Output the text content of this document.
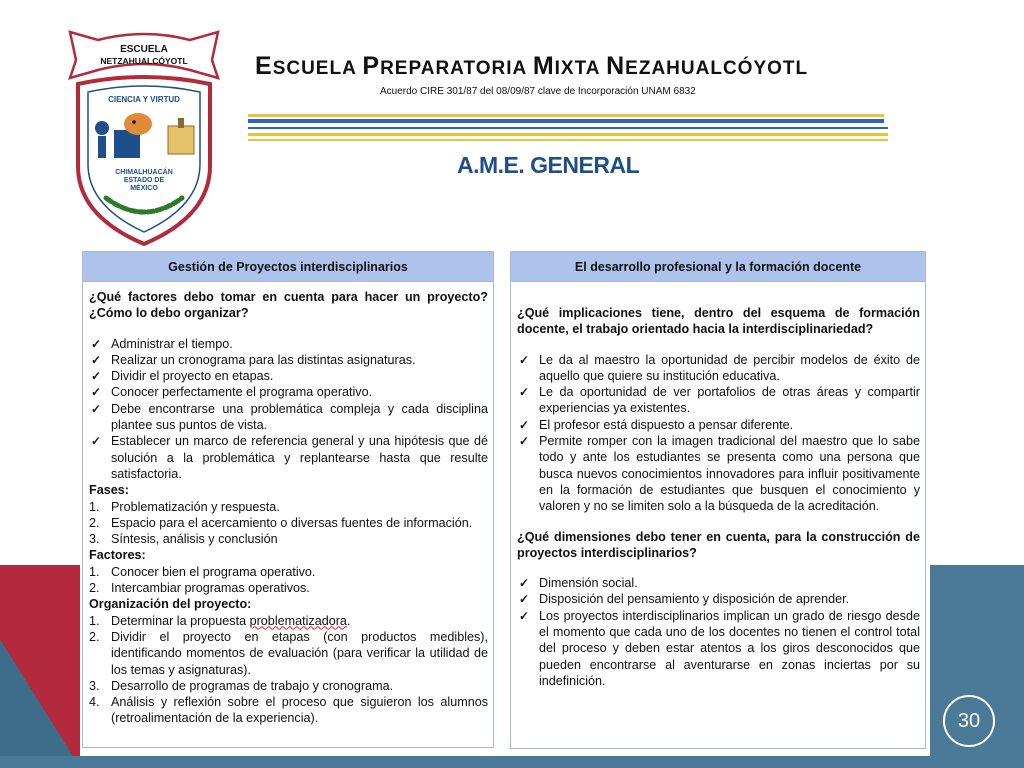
ESCUELA
NETZAHUALCÓYOTL
CIENCIA Y VIRTUD
CHIMALHUACÁN
ESTADO DE
MÉXICO
ESCUELA PREPARATORIA MIXTA NEZAHUALCÓYOTL
Acuerdo CIRE 301/87 del 08/09/87 clave de Incorporación UNAM 6832
A.M.E. GENERAL
Gestión de Proyectos interdisciplinarios
¿Qué factores debo tomar en cuenta para hacer un proyecto? ¿Cómo lo debo organizar?
✓ Administrar el tiempo.
✓ Realizar un cronograma para las distintas asignaturas.
✓ Dividir el proyecto en etapas.
✓ Conocer perfectamente el programa operativo.
✓ Debe encontrarse una problemática compleja y cada disciplina plantee sus puntos de vista.
✓ Establecer un marco de referencia general y una hipótesis que dé solución a la problemática y replantearse hasta que resulte satisfactoria.
Fases:
1. Problematización y respuesta.
2. Espacio para el acercamiento o diversas fuentes de información.
3. Síntesis, análisis y conclusión
Factores:
1. Conocer bien el programa operativo.
2. Intercambiar programas operativos.
Organización del proyecto:
1. Determinar la propuesta problematizadora.
2. Dividir el proyecto en etapas (con productos medibles), identificando momentos de evaluación (para verificar la utilidad de los temas y asignaturas).
3. Desarrollo de programas de trabajo y cronograma.
4. Análisis y reflexión sobre el proceso que siguieron los alumnos (retroalimentación de la experiencia).
El desarrollo profesional y la formación docente
¿Qué implicaciones tiene, dentro del esquema de formación docente, el trabajo orientado hacia la interdisciplinariedad?
✓ Le da al maestro la oportunidad de percibir modelos de éxito de aquello que quiere su institución educativa.
✓ Le da oportunidad de ver portafolios de otras áreas y compartir experiencias ya existentes.
✓ El profesor está dispuesto a pensar diferente.
✓ Permite romper con la imagen tradicional del maestro que lo sabe todo y ante los estudiantes se presenta como una persona que busca nuevos conocimientos innovadores para influir positivamente en la formación de estudiantes que busquen el conocimiento y valoren y no se limiten solo a la búsqueda de la acreditación.
¿Qué dimensiones debo tener en cuenta, para la construcción de proyectos interdisciplinarios?
✓ Dimensión social.
✓ Disposición del pensamiento y disposición de aprender.
✓ Los proyectos interdisciplinarios implican un grado de riesgo desde el momento que cada uno de los docentes no tienen el control total del proceso y deben estar atentos a los giros desconocidos que pueden encontrarse al aventurarse en zonas inciertas por su indefinición.
30
